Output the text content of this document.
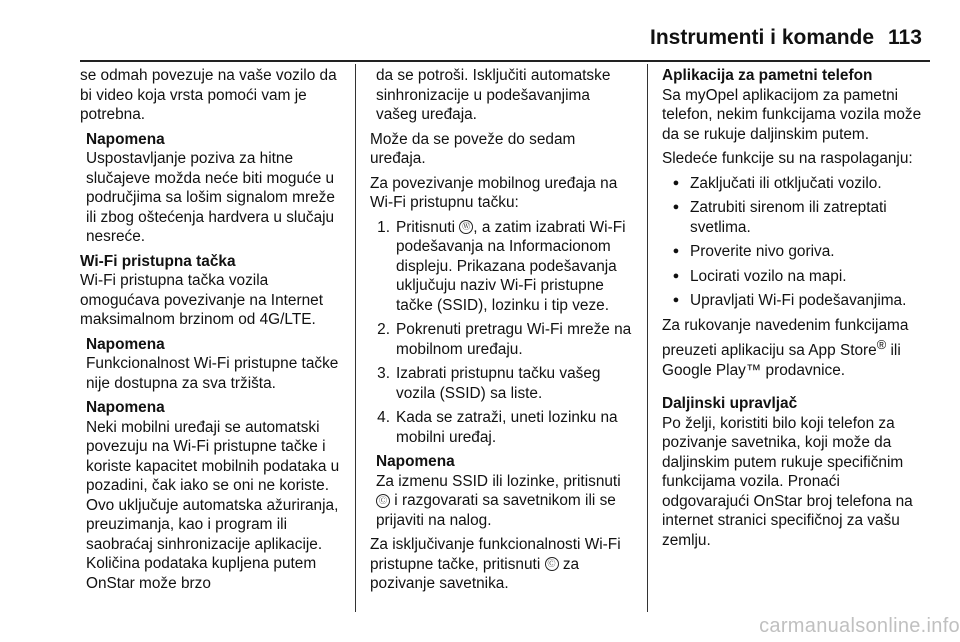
Instrumenti i komande 113

se odmah povezuje na vaše vozilo da bi video koja vrsta pomoći vam je potrebna.

Napomena
Uspostavljanje poziva za hitne slučajeve možda neće biti moguće u područjima sa lošim signalom mreže ili zbog oštećenja hardvera u slučaju nesreće.
Wi-Fi pristupna tačka

Wi-Fi pristupna tačka vozila omogućava povezivanje na Internet maksimalnom brzinom od 4G/LTE.

Napomena
Funkcionalnost Wi-Fi pristupne tačke nije dostupna za sva tržišta.
Napomena
Neki mobilni uređaji se automatski povezuju na Wi-Fi pristupne tačke i koriste kapacitet mobilnih podataka u pozadini, čak iako se oni ne koriste. Ovo uključuje automatska ažuriranja, preuzimanja, kao i program ili saobraćaj sinhronizacije aplikacije. Količina podataka kupljena putem OnStar može brzo
da se potroši. Isključiti automatske sinhronizacije u podešavanjima vašeg uređaja.

Može da se poveže do sedam uređaja.

Za povezivanje mobilnog uređaja na Wi-Fi pristupnu tačku:

1. Pritisnuti Ⓦ , a zatim izabrati Wi-Fi podešavanja na Informacionom displeju. Prikazana podešavanja uključuju naziv Wi-Fi pristupne tačke (SSID), lozinku i tip veze.
2. Pokrenuti pretragu Wi-Fi mreže na mobilnom uređaju.
3. Izabrati pristupnu tačku vašeg vozila (SSID) sa liste.
4. Kada se zatraži, uneti lozinku na mobilni uređaj.
Napomena
Za izmenu SSID ili lozinke, pritisnuti Ⓒ i razgovarati sa savetnikom ili se prijaviti na nalog.

Za isključivanje funkcionalnosti Wi-Fi pristupne tačke, pritisnuti Ⓒ za pozivanje savetnika.

Aplikacija za pametni telefon

Sa myOpel aplikacijom za pametni telefon, nekim funkcijama vozila može da se rukuje daljinskim putem.

Sledeće funkcije su na raspolaganju:

● Zaključati ili otključati vozilo.
● Zatrubiti sirenom ili zatreptati svetlima.
● Proverite nivo goriva.
● Locirati vozilo na mapi.
● Upravljati Wi-Fi podešavanjima.

Za rukovanje navedenim funkcijama preuzeti aplikaciju sa App Store® ili Google Play™ prodavnice.

Daljinski upravljač

Po želji, koristiti bilo koji telefon za pozivanje savetnika, koji može da daljinskim putem rukuje specifičnim funkcijama vozila. Pronaći odgovarajući OnStar broj telefona na internet stranici specifičnoj za vašu zemlju.

carmanualsonline.info
